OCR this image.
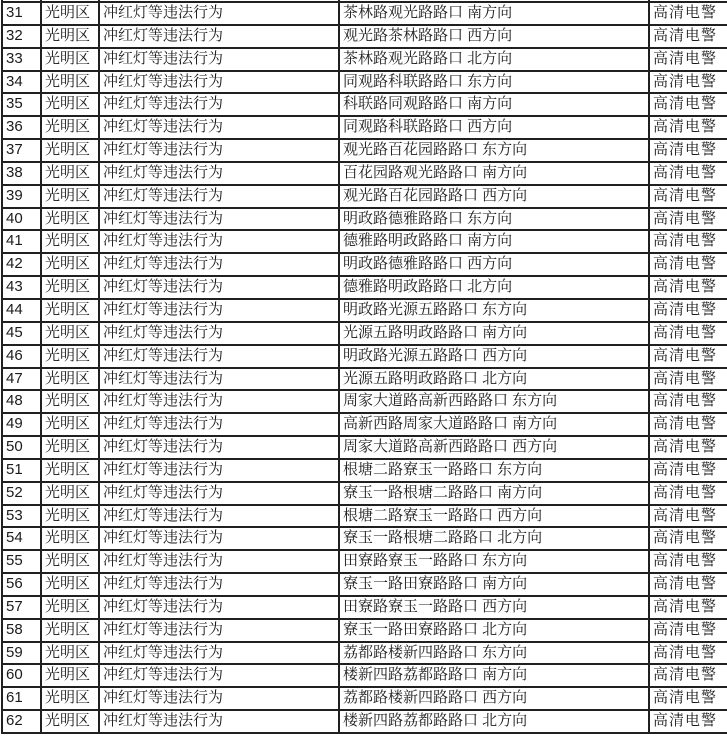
31	光明区	冲红灯等违法行为	茶林路观光路路口 南方向	高清电警
32	光明区	冲红灯等违法行为	观光路茶林路路口 西方向	高清电警
33	光明区	冲红灯等违法行为	茶林路观光路路口 北方向	高清电警
34	光明区	冲红灯等违法行为	同观路科联路路口 东方向	高清电警
35	光明区	冲红灯等违法行为	科联路同观路路口 南方向	高清电警
36	光明区	冲红灯等违法行为	同观路科联路路口 西方向	高清电警
37	光明区	冲红灯等违法行为	观光路百花园路路口 东方向	高清电警
38	光明区	冲红灯等违法行为	百花园路观光路路口 南方向	高清电警
39	光明区	冲红灯等违法行为	观光路百花园路路口 西方向	高清电警
40	光明区	冲红灯等违法行为	明政路德雅路路口 东方向	高清电警
41	光明区	冲红灯等违法行为	德雅路明政路路口 南方向	高清电警
42	光明区	冲红灯等违法行为	明政路德雅路路口 西方向	高清电警
43	光明区	冲红灯等违法行为	德雅路明政路路口 北方向	高清电警
44	光明区	冲红灯等违法行为	明政路光源五路路口 东方向	高清电警
45	光明区	冲红灯等违法行为	光源五路明政路路口 南方向	高清电警
46	光明区	冲红灯等违法行为	明政路光源五路路口 西方向	高清电警
47	光明区	冲红灯等违法行为	光源五路明政路路口 北方向	高清电警
48	光明区	冲红灯等违法行为	周家大道路高新西路路口 东方向	高清电警
49	光明区	冲红灯等违法行为	高新西路周家大道路路口 南方向	高清电警
50	光明区	冲红灯等违法行为	周家大道路高新西路路口 西方向	高清电警
51	光明区	冲红灯等违法行为	根塘二路寮玉一路路口 东方向	高清电警
52	光明区	冲红灯等违法行为	寮玉一路根塘二路路口 南方向	高清电警
53	光明区	冲红灯等违法行为	根塘二路寮玉一路路口 西方向	高清电警
54	光明区	冲红灯等违法行为	寮玉一路根塘二路路口 北方向	高清电警
55	光明区	冲红灯等违法行为	田寮路寮玉一路路口 东方向	高清电警
56	光明区	冲红灯等违法行为	寮玉一路田寮路路口 南方向	高清电警
57	光明区	冲红灯等违法行为	田寮路寮玉一路路口 西方向	高清电警
58	光明区	冲红灯等违法行为	寮玉一路田寮路路口 北方向	高清电警
59	光明区	冲红灯等违法行为	荔都路楼新四路路口 东方向	高清电警
60	光明区	冲红灯等违法行为	楼新四路荔都路路口 南方向	高清电警
61	光明区	冲红灯等违法行为	荔都路楼新四路路口 西方向	高清电警
62	光明区	冲红灯等违法行为	楼新四路荔都路路口 北方向	高清电警
